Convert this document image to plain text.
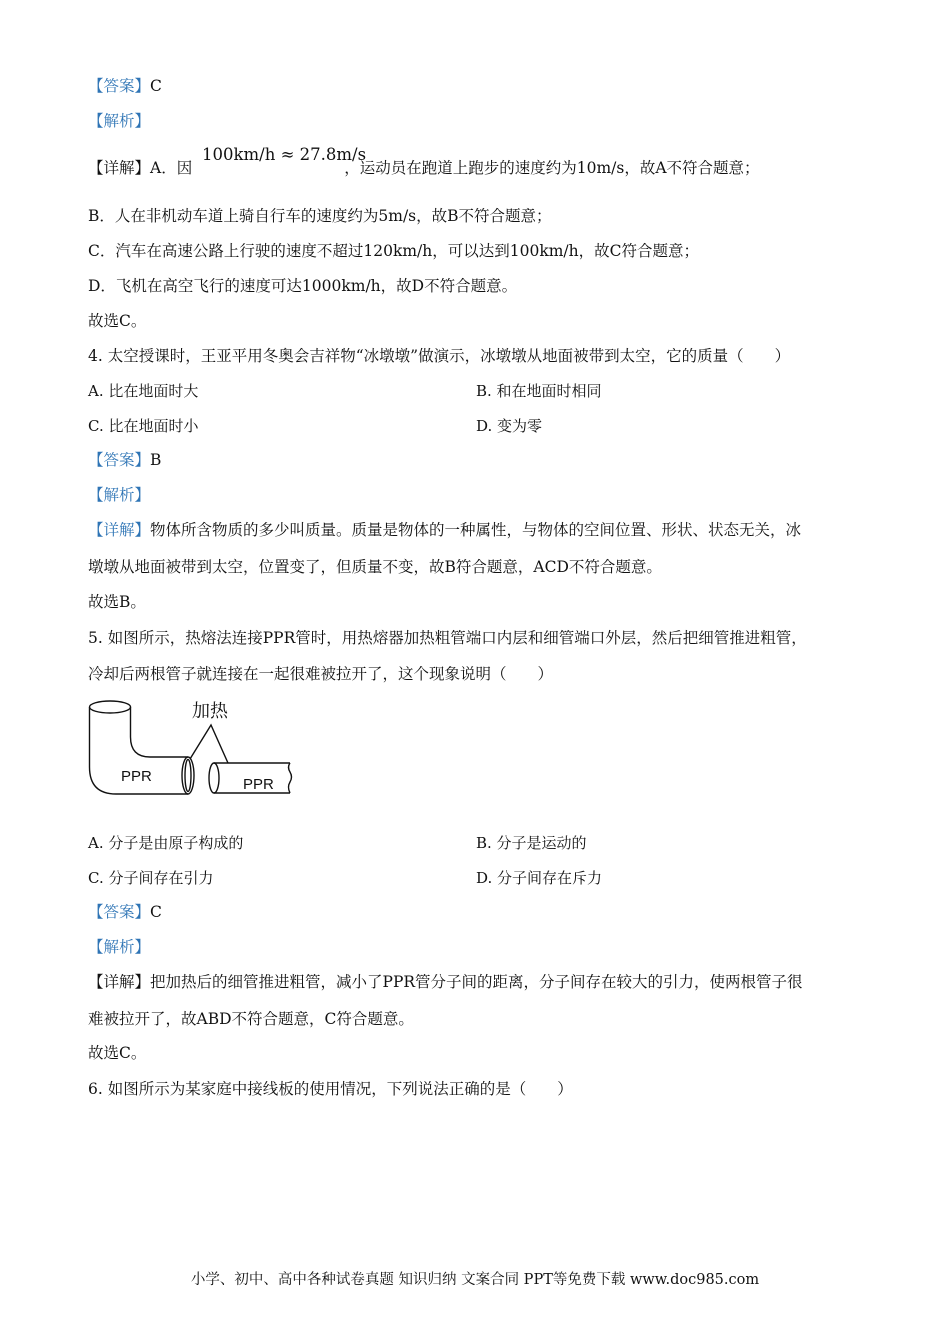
【答案】C
【解析】
【详解】A．因	，运动员在跑道上跑步的速度约为10m/s，故A不符合题意；
100km/h ≈ 27.8m/s
B．人在非机动车道上骑自行车的速度约为5m/s，故B不符合题意；
C．汽车在高速公路上行驶的速度不超过120km/h，可以达到100km/h，故C符合题意；
D．飞机在高空飞行的速度可达1000km/h，故D不符合题意。
故选C。
4. 太空授课时，王亚平用冬奥会吉祥物“冰墩墩”做演示，冰墩墩从地面被带到太空，它的质量（　　）
A. 比在地面时大	B. 和在地面时相同
C. 比在地面时小	D. 变为零
【答案】B
【解析】
【详解】物体所含物质的多少叫质量。质量是物体的一种属性，与物体的空间位置、形状、状态无关，冰
墩墩从地面被带到太空，位置变了，但质量不变，故B符合题意，ACD不符合题意。
故选B。
5. 如图所示，热熔法连接PPR管时，用热熔器加热粗管端口内层和细管端口外层，然后把细管推进粗管，
冷却后两根管子就连接在一起很难被拉开了，这个现象说明（　　）
加热
PPR	PPR
A. 分子是由原子构成的	B. 分子是运动的
C. 分子间存在引力	D. 分子间存在斥力
【答案】C
【解析】
【详解】把加热后的细管推进粗管，减小了PPR管分子间的距离，分子间存在较大的引力，使两根管子很
难被拉开了，故ABD不符合题意，C符合题意。
故选C。
6. 如图所示为某家庭中接线板的使用情况，下列说法正确的是（　　）
小学、初中、高中各种试卷真题 知识归纳 文案合同 PPT等免费下载 www.doc985.com
